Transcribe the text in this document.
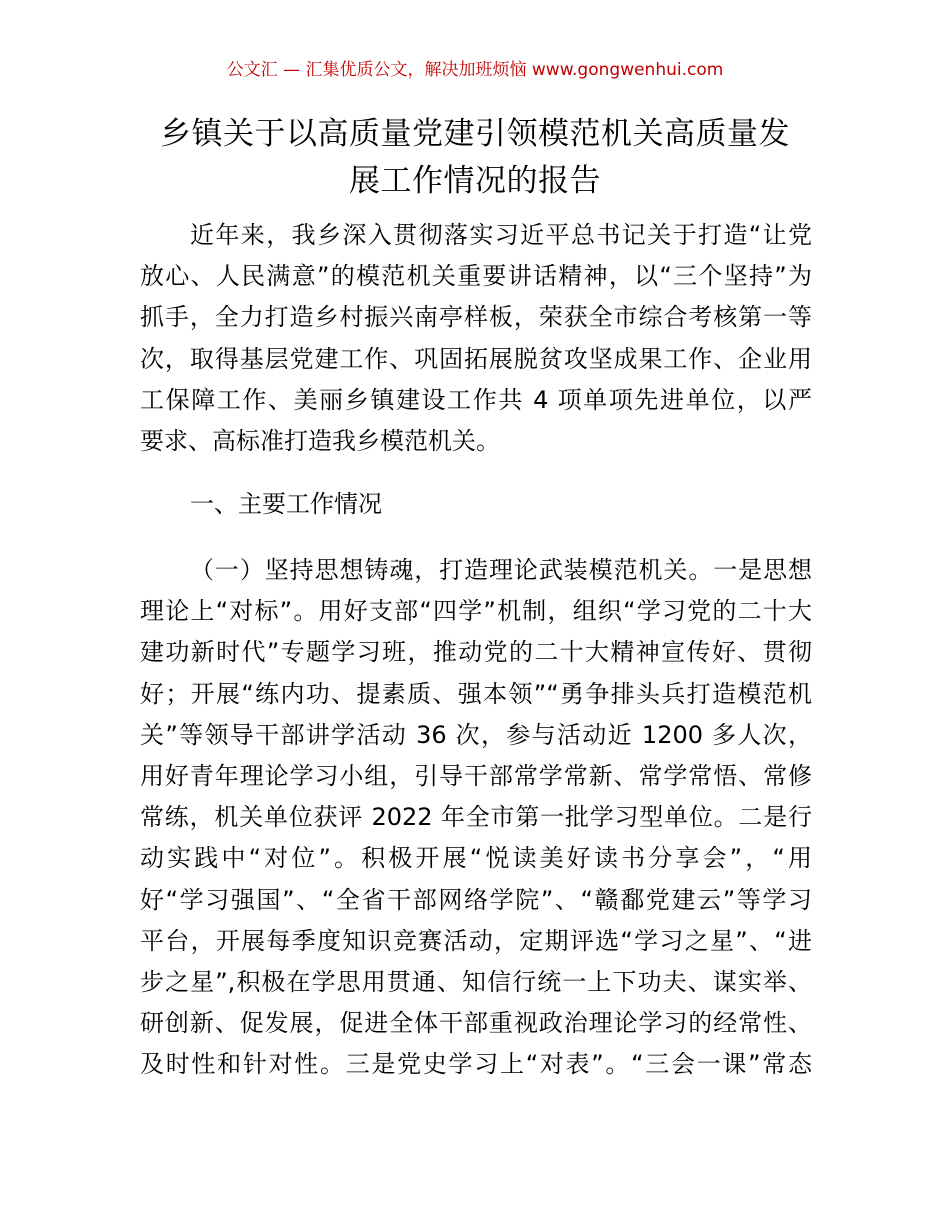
公文汇 — 汇集优质公文，解决加班烦恼 www.gongwenhui.com
乡镇关于以高质量党建引领模范机关高质量发
展工作情况的报告
近年来，我乡深入贯彻落实习近平总书记关于打造“让党
放心、人民满意”的模范机关重要讲话精神，以“三个坚持”为
抓手，全力打造乡村振兴南亭样板，荣获全市综合考核第一等
次，取得基层党建工作、巩固拓展脱贫攻坚成果工作、企业用
工保障工作、美丽乡镇建设工作共 4 项单项先进单位，以严
要求、高标准打造我乡模范机关。
一、主要工作情况
（一）坚持思想铸魂，打造理论武装模范机关。一是思想
理论上“对标”。用好支部“四学”机制，组织“学习党的二十大
建功新时代”专题学习班，推动党的二十大精神宣传好、贯彻
好；开展“练内功、提素质、强本领”“勇争排头兵打造模范机
关”等领导干部讲学活动 36 次，参与活动近 1200 多人次，
用好青年理论学习小组，引导干部常学常新、常学常悟、常修
常练，机关单位获评 2022 年全市第一批学习型单位。二是行
动实践中“对位”。积极开展“悦读美好读书分享会”，“用
好“学习强国”、“全省干部网络学院”、“赣鄱党建云”等学习
平台，开展每季度知识竞赛活动，定期评选“学习之星”、“进
步之星”,积极在学思用贯通、知信行统一上下功夫、谋实举、
研创新、促发展，促进全体干部重视政治理论学习的经常性、
及时性和针对性。三是党史学习上“对表”。“三会一课”常态
